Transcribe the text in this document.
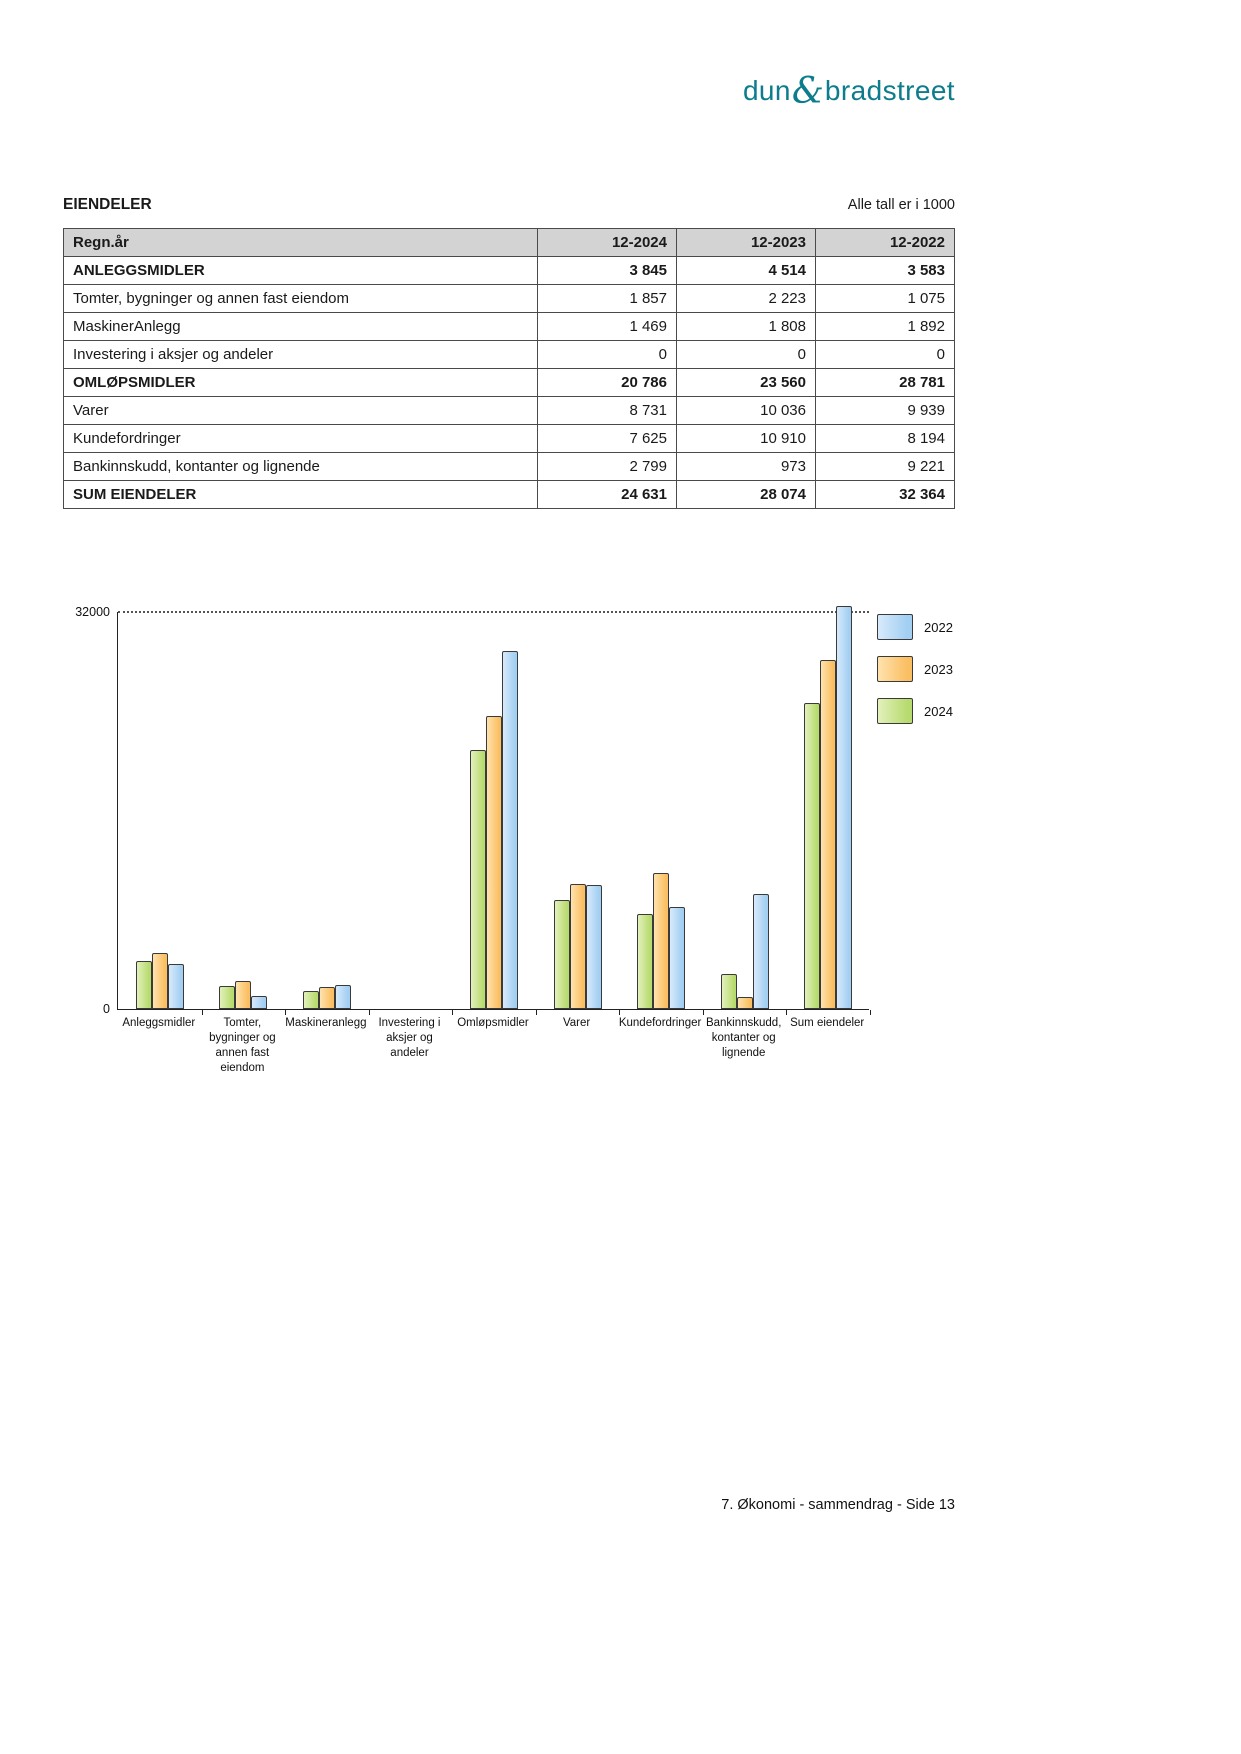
dun&bradstreet
EIENDELER	Alle tall er i 1000
Regn.år	12-2024	12-2023	12-2022
ANLEGGSMIDLER	3 845	4 514	3 583
Tomter, bygninger og annen fast eiendom	1 857	2 223	1 075
MaskinerAnlegg	1 469	1 808	1 892
Investering i aksjer og andeler	0	0	0
OMLØPSMIDLER	20 786	23 560	28 781
Varer	8 731	10 036	9 939
Kundefordringer	7 625	10 910	8 194
Bankinnskudd, kontanter og lignende	2 799	973	9 221
SUM EIENDELER	24 631	28 074	32 364
32000
0
Anleggsmidler	Tomter,
bygninger og
annen fast
eiendom
Maskineranlegg	Investering i
aksjer og
andeler
Omløpsmidler	Varer	Kundefordringer Bankinnskudd,
kontanter og
lignende
Sum eiendeler
2022
2023
2024
7. Økonomi - sammendrag - Side 13
